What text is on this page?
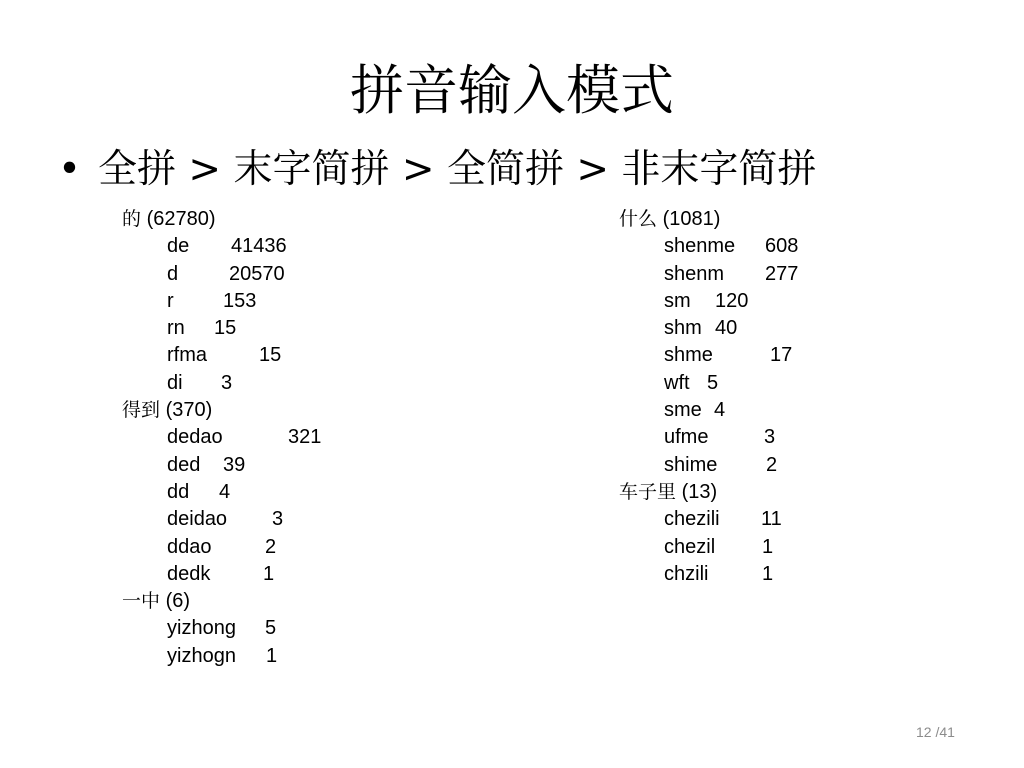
拼音输入模式
• 全拼 > 末字简拼 > 全简拼 > 非末字简拼
的 (62780)
de 41436
d	20570
r 153
rn 15
rfma	15
di 3
得到 (370)
dedao	321
ded 39
dd 4
deidao 3
ddao	2
dedk	1
一中 (6)
yizhong 5
yizhogn 1
什么 (1081)
shenme 608
shenm 277
sm 120
shm 40
shme	17
wft 5
sme 4
ufme	3
shime 2
车子里 (13)
chezili 11
chezil 1
chzili	1
12 /41
